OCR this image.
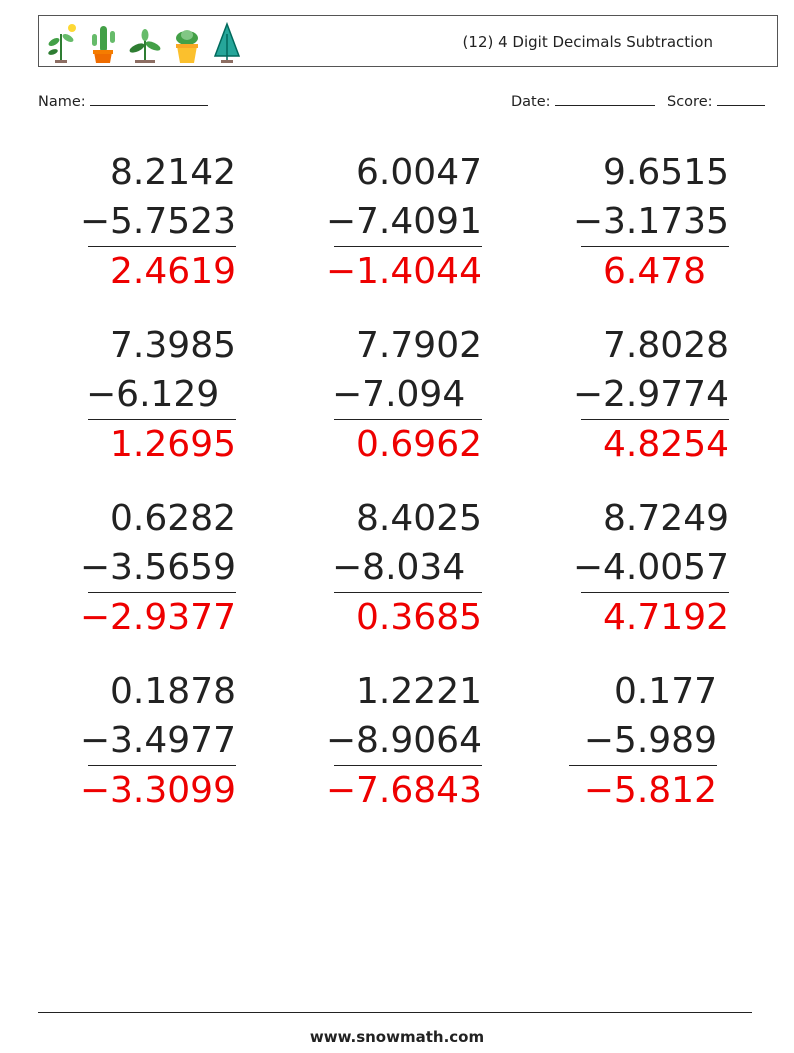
(12) 4 Digit Decimals Subtraction
Name:	Date:	Score:
8.2142
−5.7523
2.4619
6.0047
−7.4091
−1.4044
9.6515
−3.1735
6.478
7.3985
−6.129
1.2695
7.7902
−7.094
0.6962
7.8028
−2.9774
4.8254
0.6282
−3.5659
−2.9377
8.4025
−8.034
0.3685
8.7249
−4.0057
4.7192
0.1878
−3.4977
−3.3099
1.2221
−8.9064
−7.6843
0.177
−5.989
−5.812
www.snowmath.com
